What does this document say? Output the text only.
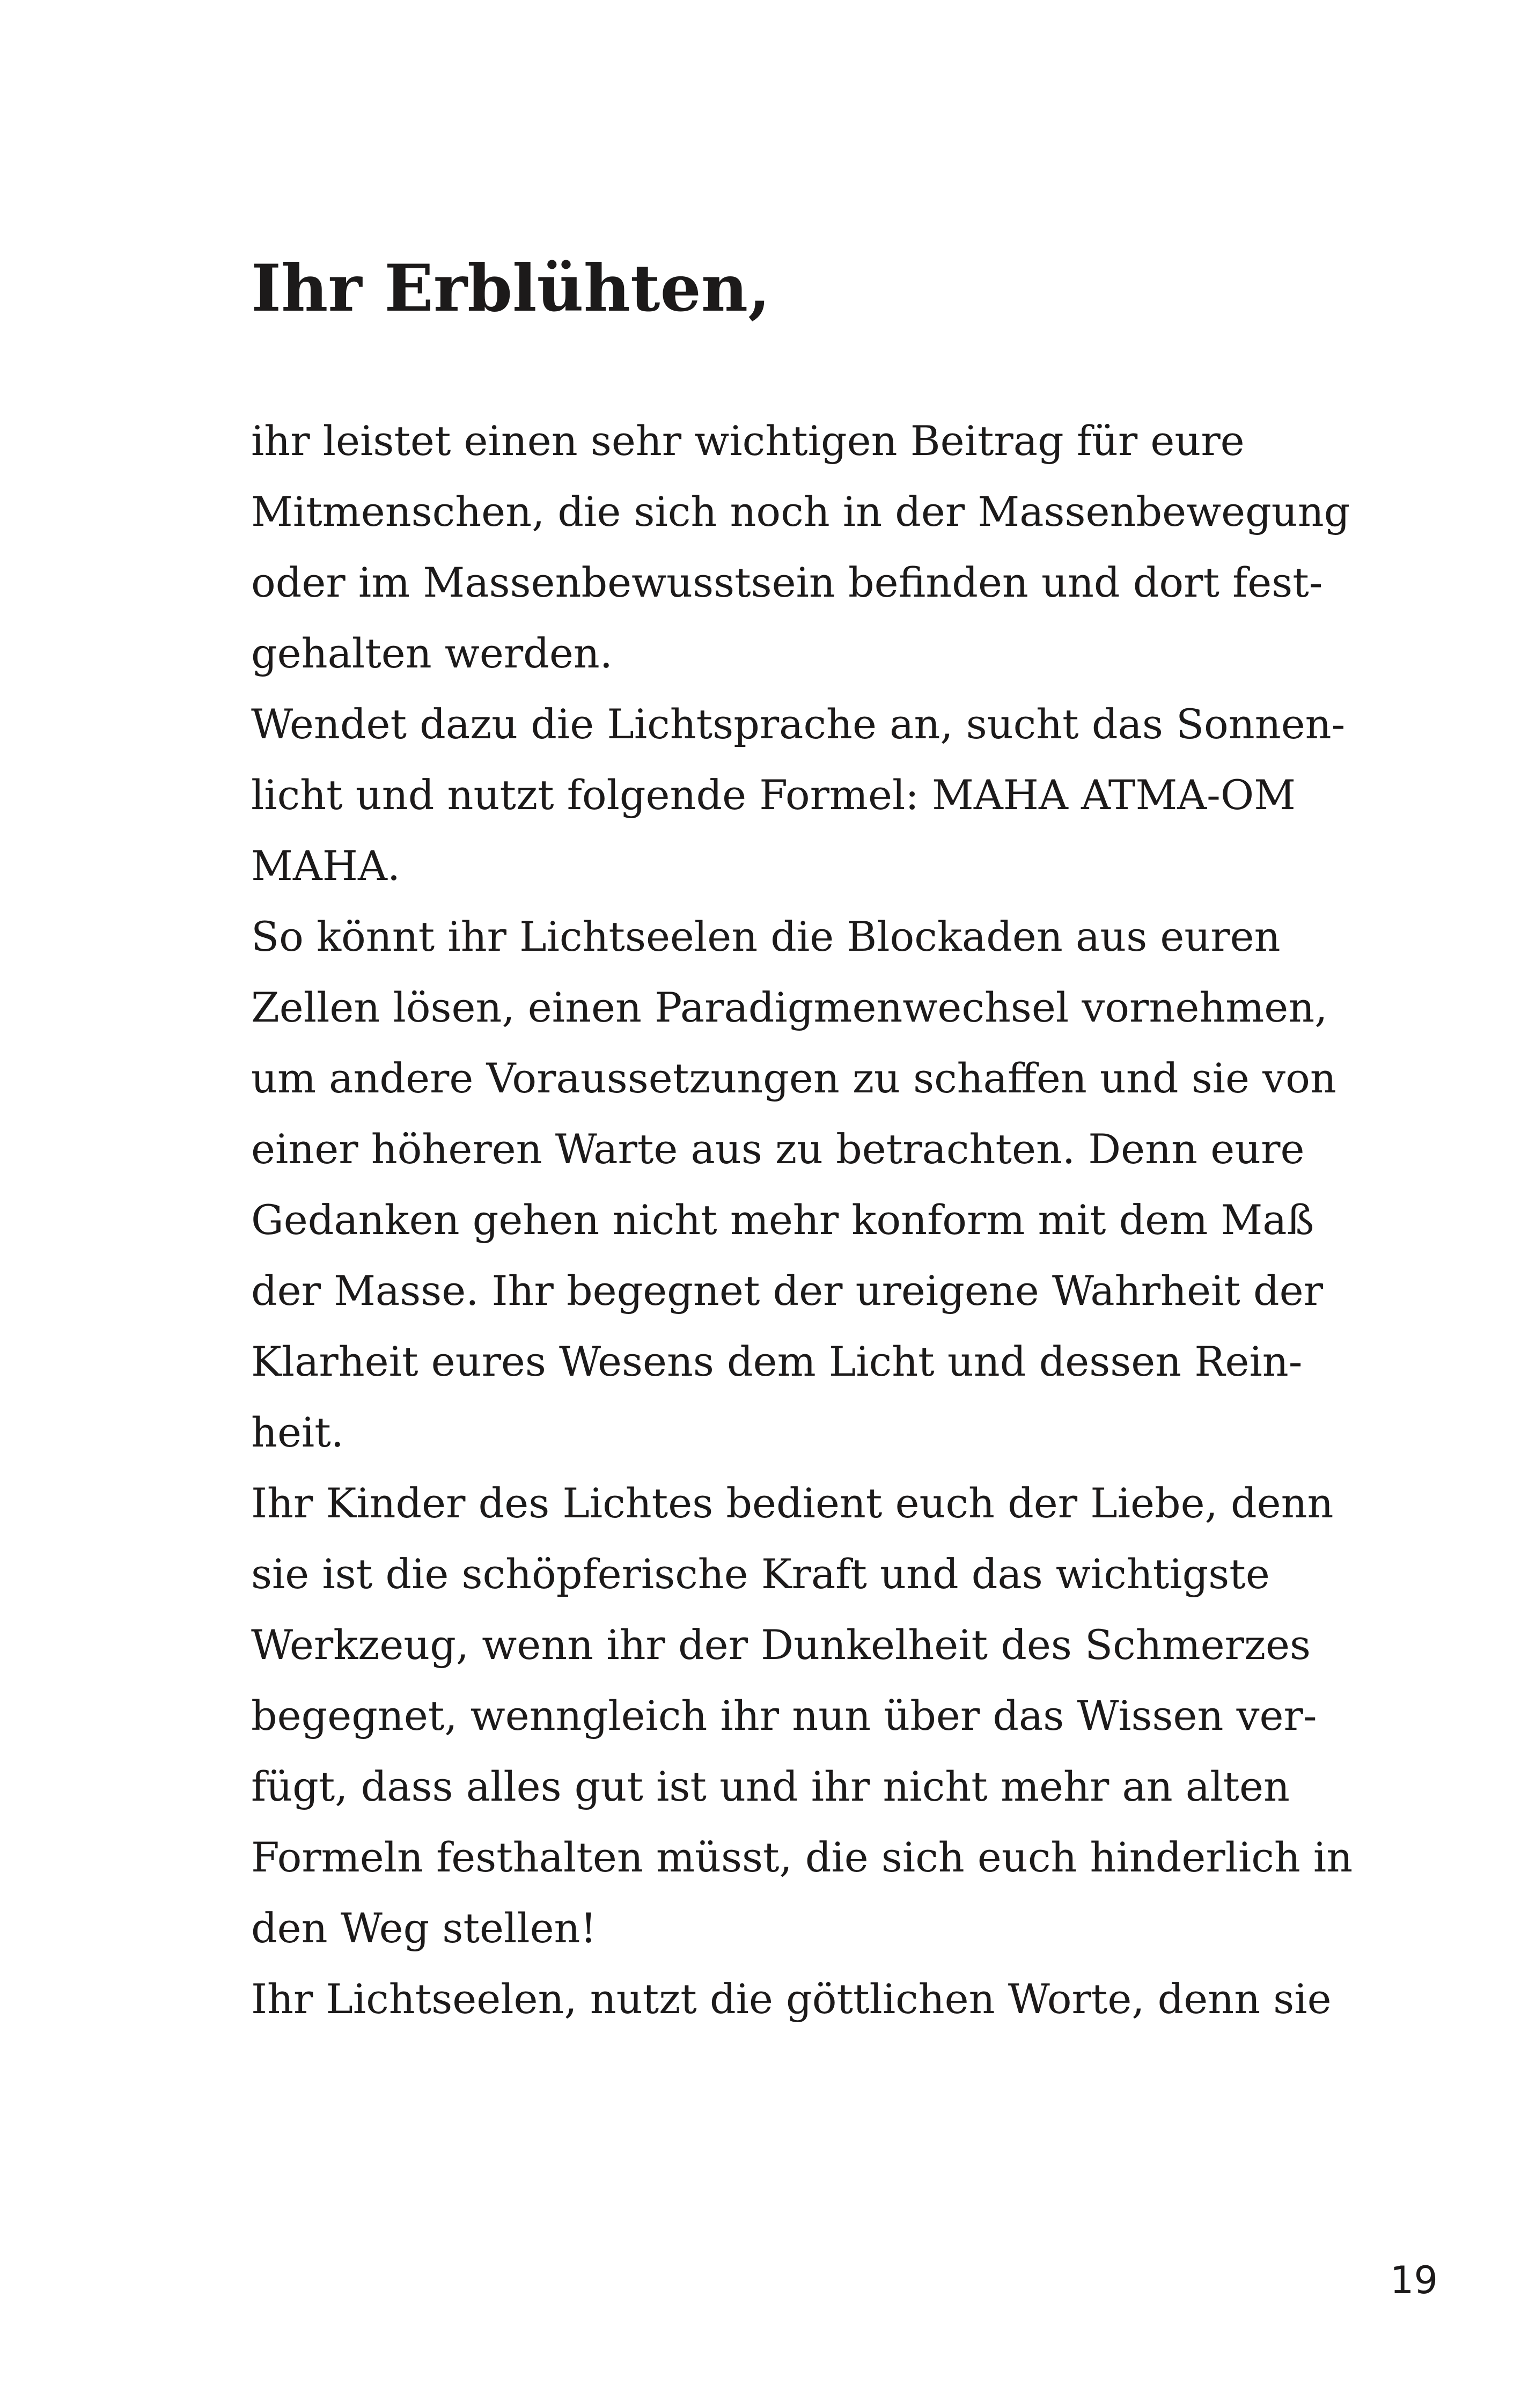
Ihr Erblühten,
ihr leistet einen sehr wichtigen Beitrag für eure
Mitmenschen, die sich noch in der Massenbewegung
oder im Massenbewusstsein befinden und dort fest-
gehalten werden.
Wendet dazu die Lichtsprache an, sucht das Sonnen-
licht und nutzt folgende Formel: MAHA ATMA-OM
MAHA.
So könnt ihr Lichtseelen die Blockaden aus euren
Zellen lösen, einen Paradigmenwechsel vornehmen,
um andere Voraussetzungen zu schaffen und sie von
einer höheren Warte aus zu betrachten. Denn eure
Gedanken gehen nicht mehr konform mit dem Maß
der Masse. Ihr begegnet der ureigene Wahrheit der
Klarheit eures Wesens dem Licht und dessen Rein-
heit.
Ihr Kinder des Lichtes bedient euch der Liebe, denn
sie ist die schöpferische Kraft und das wichtigste
Werkzeug, wenn ihr der Dunkelheit des Schmerzes
begegnet, wenngleich ihr nun über das Wissen ver-
fügt, dass alles gut ist und ihr nicht mehr an alten
Formeln festhalten müsst, die sich euch hinderlich in
den Weg stellen!
Ihr Lichtseelen, nutzt die göttlichen Worte, denn sie
19
